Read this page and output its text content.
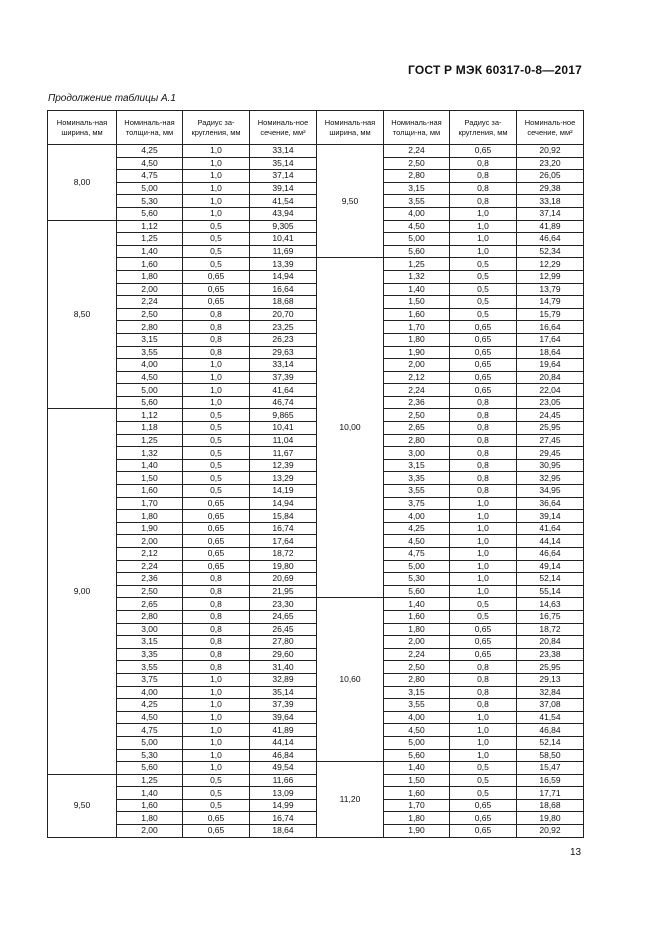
ГОСТ Р МЭК 60317-0-8—2017
Продолжение таблицы А.1
Номиналь-ная ширина, мм	Номиналь-ная толщи-на, мм	Радиус за-кругления, мм	Номиналь-ное сечение, мм²	Номиналь-ная ширина, мм	Номиналь-ная толщи-на, мм	Радиус за-кругления, мм	Номиналь-ное сечение, мм²
8,00	4,25	1,0	33,14	9,50	2,24	0,65	20,92
	4,50	1,0	35,14		2,50	0,8	23,20
	4,75	1,0	37,14		2,80	0,8	26,05
	5,00	1,0	39,14		3,15	0,8	29,38
	5,30	1,0	41,54		3,55	0,8	33,18
	5,60	1,0	43,94		4,00	1,0	37,14
8,50	1,12	0,5	9,305		4,50	1,0	41,89
	1,25	0,5	10,41		5,00	1,0	46,64
	1,40	0,5	11,69		5,60	1,0	52,34
	1,60	0,5	13,39	10,00	1,25	0,5	12,29
	1,80	0,65	14,94		1,32	0,5	12,99
	2,00	0,65	16,64		1,40	0,5	13,79
	2,24	0,65	18,68		1,50	0,5	14,79
	2,50	0,8	20,70		1,60	0,5	15,79
	2,80	0,8	23,25		1,70	0,65	16,64
	3,15	0,8	26,23		1,80	0,65	17,64
	3,55	0,8	29,63		1,90	0,65	18,64
	4,00	1,0	33,14		2,00	0,65	19,64
	4,50	1,0	37,39		2,12	0,65	20,84
	5,00	1,0	41,64		2,24	0,65	22,04
	5,60	1,0	46,74		2,36	0,8	23,05
9,00	1,12	0,5	9,865		2,50	0,8	24,45
	1,18	0,5	10,41		2,65	0,8	25,95
	1,25	0,5	11,04		2,80	0,8	27,45
	1,32	0,5	11,67		3,00	0,8	29,45
	1,40	0,5	12,39		3,15	0,8	30,95
	1,50	0,5	13,29		3,35	0,8	32,95
	1,60	0,5	14,19		3,55	0,8	34,95
	1,70	0,65	14,94		3,75	1,0	36,64
	1,80	0,65	15,84		4,00	1,0	39,14
	1,90	0,65	16,74		4,25	1,0	41,64
	2,00	0,65	17,64		4,50	1,0	44,14
	2,12	0,65	18,72		4,75	1,0	46,64
	2,24	0,65	19,80		5,00	1,0	49,14
	2,36	0,8	20,69		5,30	1,0	52,14
	2,50	0,8	21,95		5,60	1,0	55,14
	2,65	0,8	23,30	10,60	1,40	0,5	14,63
	2,80	0,8	24,65		1,60	0,5	16,75
	3,00	0,8	26,45		1,80	0,65	18,72
	3,15	0,8	27,80		2,00	0,65	20,84
	3,35	0,8	29,60		2,24	0,65	23,38
	3,55	0,8	31,40		2,50	0,8	25,95
	3,75	1,0	32,89		2,80	0,8	29,13
	4,00	1,0	35,14		3,15	0,8	32,84
	4,25	1,0	37,39		3,55	0,8	37,08
	4,50	1,0	39,64		4,00	1,0	41,54
	4,75	1,0	41,89		4,50	1,0	46,84
	5,00	1,0	44,14		5,00	1,0	52,14
	5,30	1,0	46,84		5,60	1,0	58,50
	5,60	1,0	49,54	11,20	1,40	0,5	15,47
9,50	1,25	0,5	11,66		1,50	0,5	16,59
	1,40	0,5	13,09		1,60	0,5	17,71
	1,60	0,5	14,99		1,70	0,65	18,68
	1,80	0,65	16,74		1,80	0,65	19,80
	2,00	0,65	18,64		1,90	0,65	20,92
13
